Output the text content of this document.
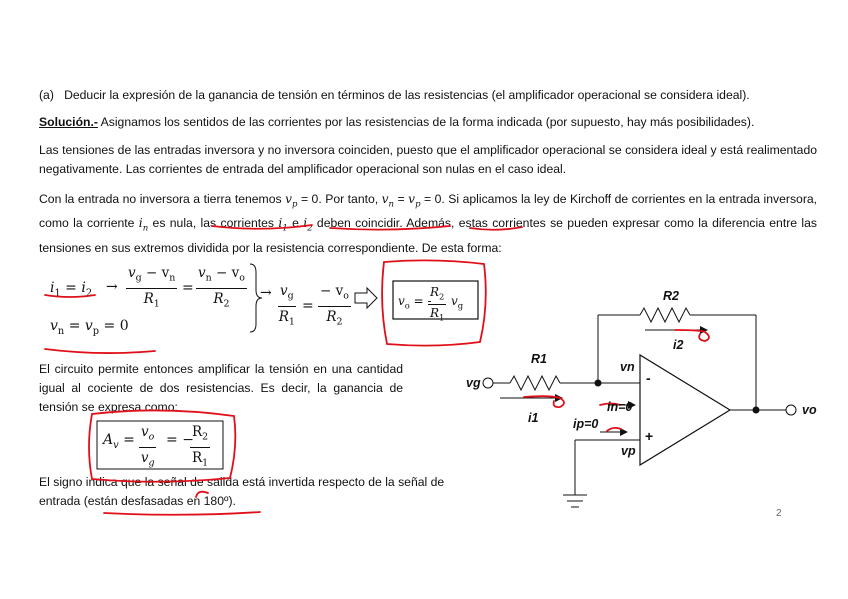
(a) Deducir la expresión de la ganancia de tensión en términos de las resistencias (el amplificador operacional se considera ideal).
Solución.- Asignamos los sentidos de las corrientes por las resistencias de la forma indicada (por supuesto, hay más posibilidades).
Las tensiones de las entradas inversora y no inversora coinciden, puesto que el amplificador operacional se considera ideal y está realimentado negativamente. Las corrientes de entrada del amplificador operacional son nulas en el caso ideal.
Con la entrada no inversora a tierra tenemos $v_p = 0$. Por tanto, $v_n = v_p = 0$. Si aplicamos la ley de Kirchoff de corrientes en la entrada inversora, como la corriente $i_n$ es nula, las corrientes $i_1$ e $i_2$ deben coincidir. Además, estas corrientes se pueden expresar como la diferencia entre las tensiones en sus extremos dividida por la resistencia correspondiente. De esta forma:
$i_1 = i_2 \to \frac{v_g - v_n}{R_1} = \frac{v_n - v_o}{R_2}$
$v_n = v_p = 0$
→ $\frac{v_g}{R_1} = \frac{- v_o}{R_2}$	$v_o$ = -
$\frac{R_2}{R_1} v_g$
El circuito permite entonces amplificar la tensión en una cantidad igual al cociente de dos resistencias. Es decir, la ganancia de tensión se expresa como:
$A_v = \frac{v_o}{v_g}$ = −
$\frac{R_2}{R_1}$
El signo indica que la señal de salida está invertida respecto de la señal de entrada (están desfasadas en 180º).
R2
i2
R1
vn
vg
i1
in=0
ip=0
vp
vo
-
+
2
